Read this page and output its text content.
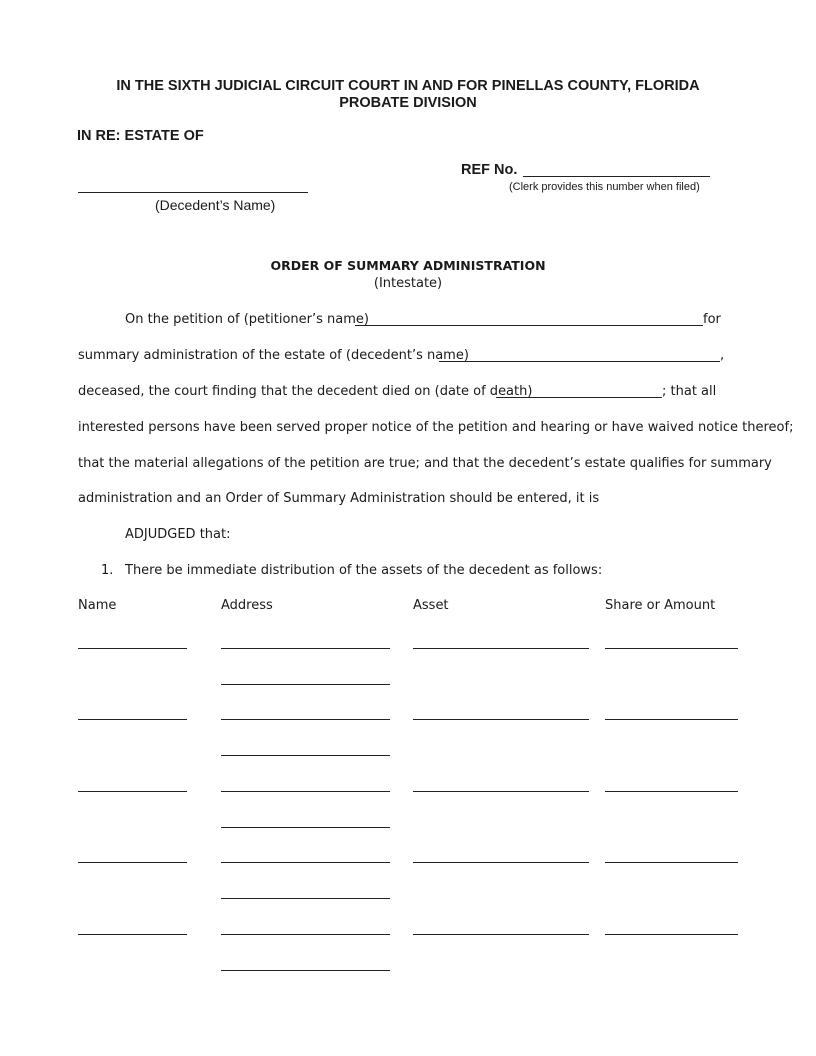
IN THE SIXTH JUDICIAL CIRCUIT COURT IN AND FOR PINELLAS COUNTY, FLORIDA
PROBATE DIVISION
IN RE: ESTATE OF
REF No.
(Clerk provides this number when filed)
(Decedent’s Name)
ORDER OF SUMMARY ADMINISTRATION
(Intestate)
On the petition of (petitioner’s name)	for
summary administration of the estate of (decedent’s name)	,
deceased, the court finding that the decedent died on (date of death)	; that all
interested persons have been served proper notice of the petition and hearing or have waived notice thereof;
that the material allegations of the petition are true; and that the decedent’s estate qualifies for summary
administration and an Order of Summary Administration should be entered, it is
ADJUDGED that:
1. There be immediate distribution of the assets of the decedent as follows:
Name	Address	Asset	Share or Amount
